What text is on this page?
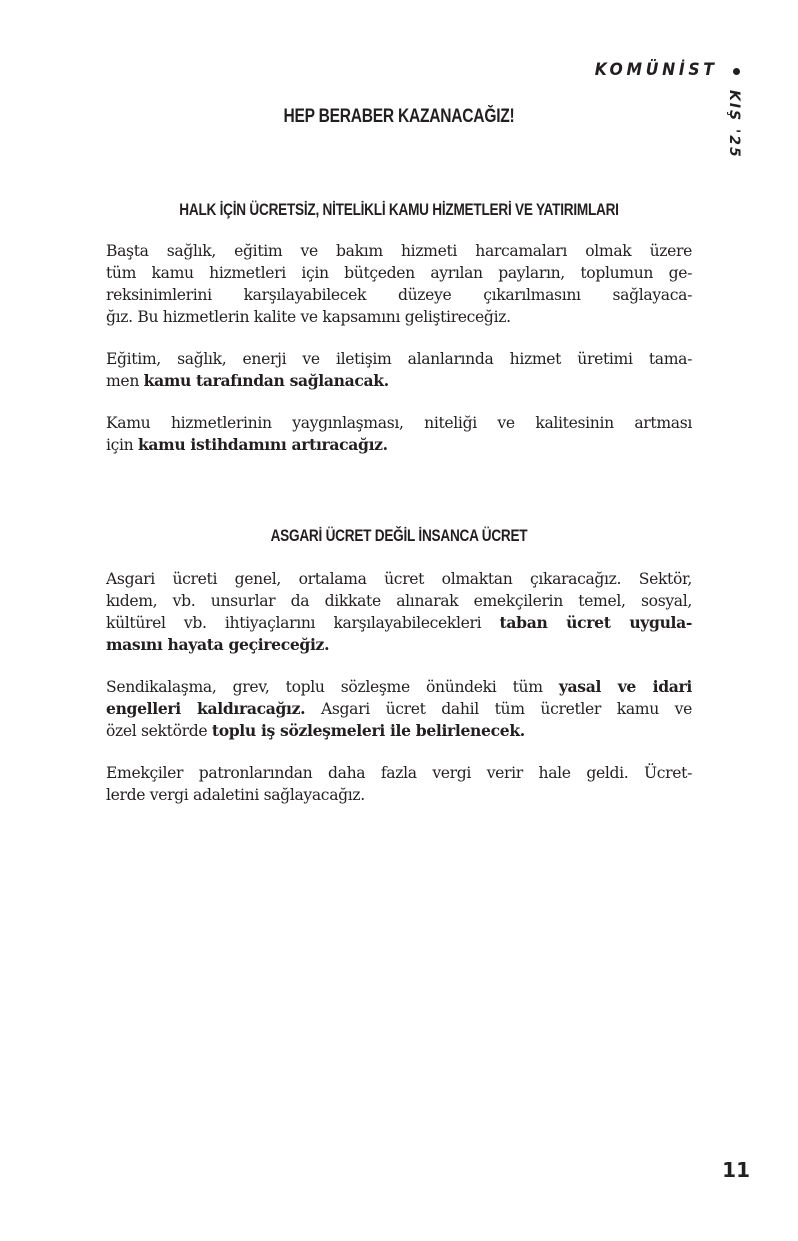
KOMÜNİST
KIŞ '25
HEP BERABER KAZANACAĞIZ!
HALK İÇİN ÜCRETSİZ, NİTELİKLİ KAMU HİZMETLERİ VE YATIRIMLARI

Başta sağlık, eğitim ve bakım hizmeti harcamaları olmak üzere
tüm kamu hizmetleri için bütçeden ayrılan payların, toplumun ge-
reksinimlerini karşılayabilecek düzeye çıkarılmasını sağlayaca-
ğız. Bu hizmetlerin kalite ve kapsamını geliştireceğiz.

Eğitim, sağlık, enerji ve iletişim alanlarında hizmet üretimi tama-
men kamu tarafından sağlanacak.

Kamu hizmetlerinin yaygınlaşması, niteliği ve kalitesinin artması
için kamu istihdamını artıracağız.

ASGARİ ÜCRET DEĞİL İNSANCA ÜCRET

Asgari ücreti genel, ortalama ücret olmaktan çıkaracağız. Sektör,
kıdem, vb. unsurlar da dikkate alınarak emekçilerin temel, sosyal,
kültürel vb. ihtiyaçlarını karşılayabilecekleri taban ücret uygula-
masını hayata geçireceğiz.

Sendikalaşma, grev, toplu sözleşme önündeki tüm yasal ve idari
engelleri kaldıracağız. Asgari ücret dahil tüm ücretler kamu ve
özel sektörde toplu iş sözleşmeleri ile belirlenecek.

Emekçiler patronlarından daha fazla vergi verir hale geldi. Ücret-
lerde vergi adaletini sağlayacağız.

11
